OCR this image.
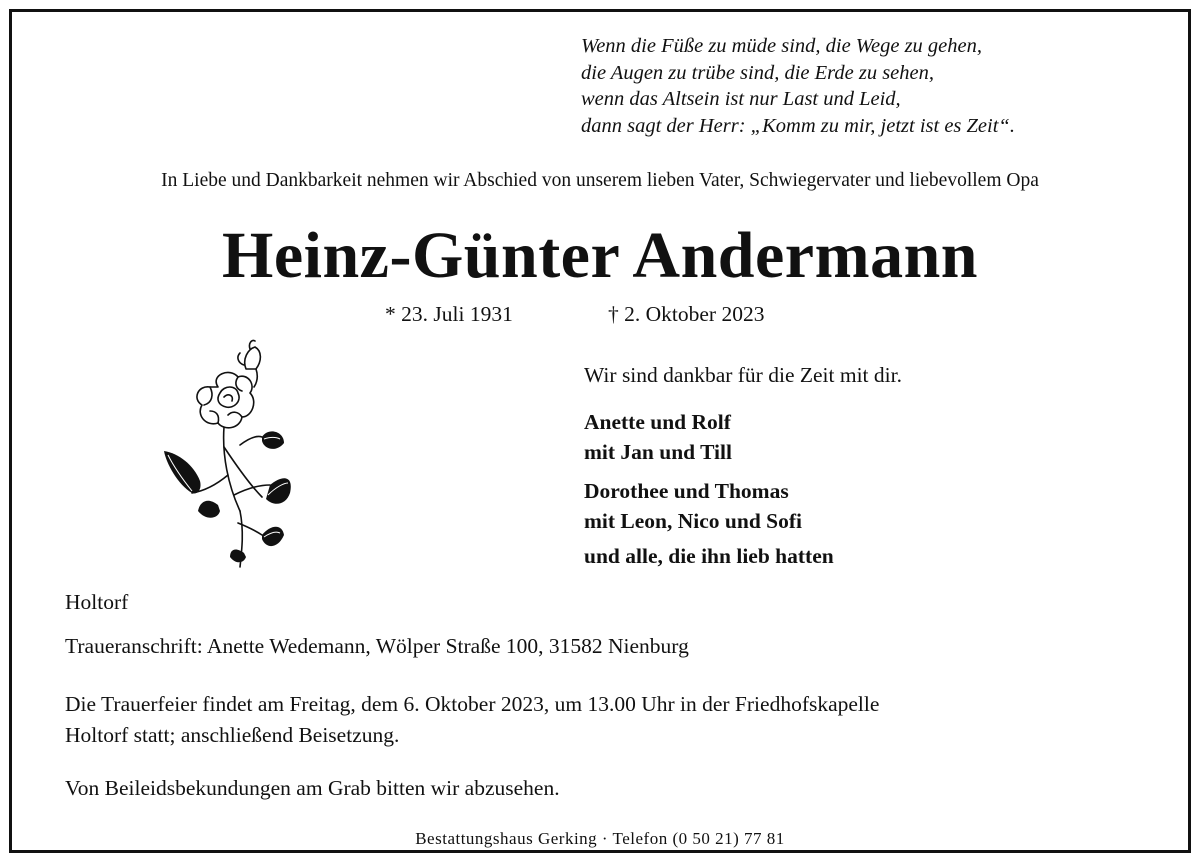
Wenn die Füße zu müde sind, die Wege zu gehen,
die Augen zu trübe sind, die Erde zu sehen,
wenn das Altsein ist nur Last und Leid,
dann sagt der Herr: „Komm zu mir, jetzt ist es Zeit“.
In Liebe und Dankbarkeit nehmen wir Abschied von unserem lieben Vater, Schwiegervater und liebevollem Opa
Heinz-Günter Andermann
* 23. Juli 1931	† 2. Oktober 2023
Wir sind dankbar für die Zeit mit dir.
Anette und Rolf
mit Jan und Till
Dorothee und Thomas
mit Leon, Nico und Sofi
und alle, die ihn lieb hatten
Holtorf
Traueranschrift: Anette Wedemann, Wölper Straße 100, 31582 Nienburg
Die Trauerfeier findet am Freitag, dem 6. Oktober 2023, um 13.00 Uhr in der Friedhofskapelle
Holtorf statt; anschließend Beisetzung.
Von Beileidsbekundungen am Grab bitten wir abzusehen.
Bestattungshaus Gerking · Telefon (0 50 21) 77 81
